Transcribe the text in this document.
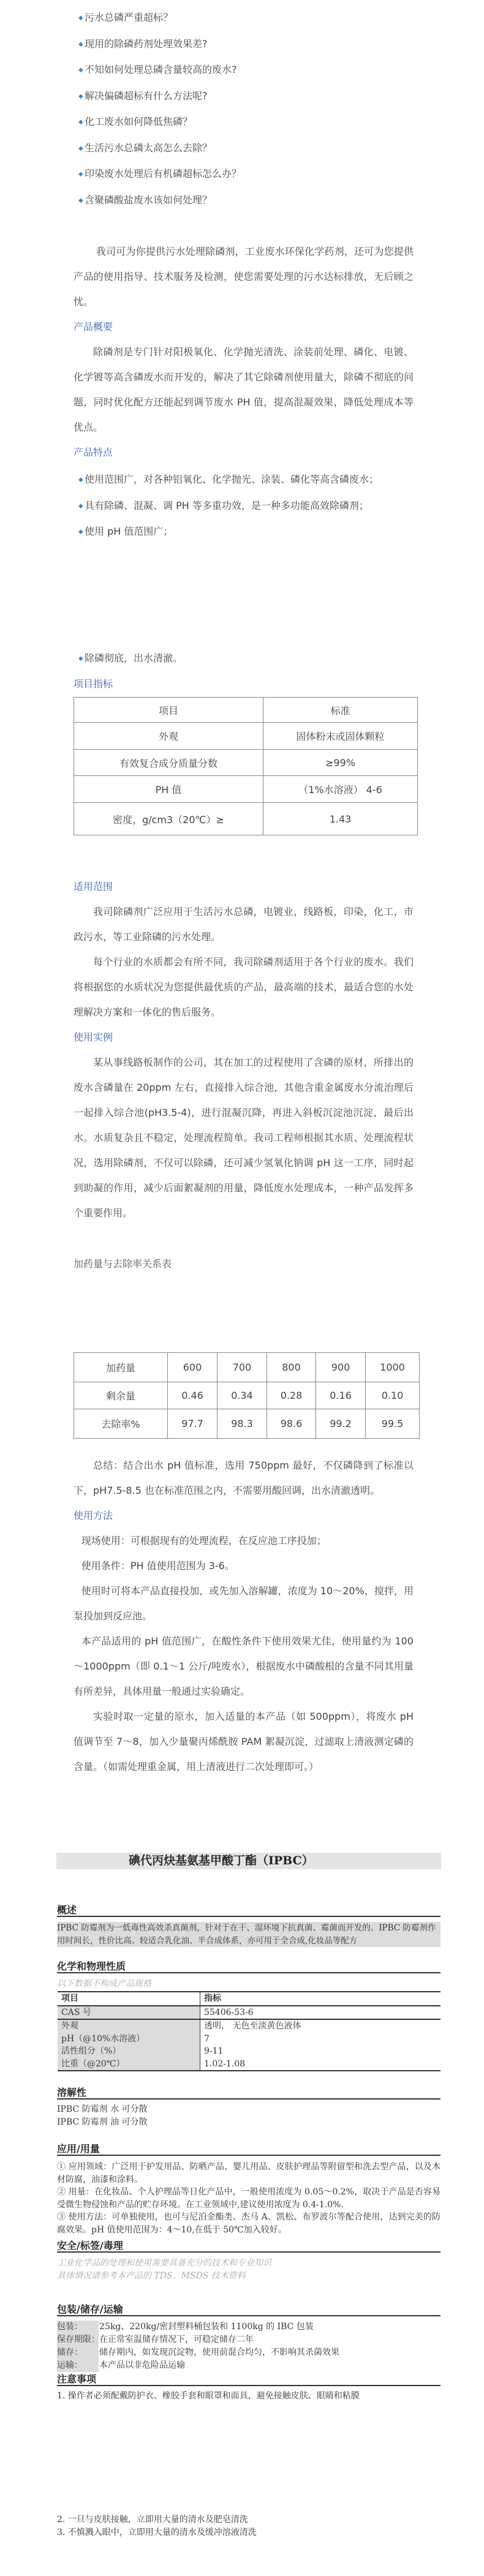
◆ 污水总磷严重超标？
◆ 现用的除磷药剂处理效果差?
◆ 不知如何处理总磷含量较高的废水?
◆ 解决偏磷超标有什么方法呢?
◆ 化工废水如何降低焦磷？
◆ 生活污水总磷太高怎么去除？
◆ 印染废水处理后有机磷超标怎么办？
◆ 含聚磷酸盐废水该如何处理？

我司可为你提供污水处理除磷剂，工业废水环保化学药剂，还可为您提供产品的使用指导、技术服务及检测，使您需要处理的污水达标排放，无后顾之忧。

产品概要

除磷剂是专门针对阳极氧化、化学抛光清洗、涂装前处理、磷化、电镀、化学镀等高含磷废水而开发的，解决了其它除磷剂使用量大，除磷不彻底的问题，同时优化配方还能起到调节废水 PH 值，提高混凝效果，降低处理成本等优点。

产品特点
◆ 使用范围广，对各种铝氧化、化学抛光、涂装、磷化等高含磷废水；
◆ 具有除磷、混凝、调 PH 等多重功效，是一种多功能高效除磷剂；
◆ 使用 pH 值范围广；
◆ 除磷彻底，出水清澈。
项目指标
项目	标准
外观	固体粉末或固体颗粒
有效复合成分质量分数	≥99%
PH 值	（1%水溶液） 4-6
密度，g/cm3（20℃）≥	1.43
适用范围

我司除磷剂广泛应用于生活污水总磷，电镀业，线路板，印染，化工，市政污水，等工业除磷的污水处理。

每个行业的水质都会有所不同，我司除磷剂适用于各个行业的废水。我们将根据您的水质状况为您提供最优质的产品，最高端的技术，最适合您的水处理解决方案和一体化的售后服务。

使用实例

某从事线路板制作的公司，其在加工的过程使用了含磷的原材，所排出的废水含磷量在 20ppm 左右，直接排入综合池，其他含重金属废水分流治理后一起排入综合池(pH3.5-4)，进行混凝沉降，再进入斜板沉淀池沉淀，最后出水。水质复杂且不稳定，处理流程简单。我司工程师根据其水质、处理流程状况，选用除磷剂，不仅可以除磷，还可减少氢氧化钠调 pH 这一工序，同时起到助凝的作用，减少后面絮凝剂的用量，降低废水处理成本，一种产品发挥多个重要作用。

加药量与去除率关系表
加药量	600	700	800	900	1000
剩余量	0.46	0.34	0.28	0.16	0.10
去除率%	97.7	98.3	98.6	99.2	99.5

总结：结合出水 pH 值标准，选用 750ppm 最好，不仅磷降到了标准以下，pH7.5-8.5 也在标准范围之内，不需要用酸回调，出水清澈透明。

使用方法
现场使用：可根据现有的处理流程，在反应池工序投加；
使用条件：PH 值使用范围为 3-6。

使用时可将本产品直接投加，或先加入溶解罐，浓度为 10～20%，搅拌，用泵投加到反应池。

本产品适用的 pH 值范围广，在酸性条件下使用效果尤佳，使用量约为 100～1000ppm（即 0.1～1 公斤/吨废水），根据废水中磷酸根的含量不同其用量有所差异，具体用量一般通过实验确定。

实验时取一定量的原水，加入适量的本产品（如 500ppm），将废水 pH 值调节至 7～8，加入少量聚丙烯酰胺 PAM 絮凝沉淀，过滤取上清液测定磷的含量。（如需处理重金属，用上清液进行二次处理即可。）

碘代丙炔基氨基甲酸丁酯（IPBC）
概述
IPBC 防霉剂为一低毒性高效杀真菌剂，针对于在干、湿环境下抗真菌、霉菌而开发的。IPBC 防霉剂作用时间长，性价比高。较适合乳化油、半合成体系，亦可用于全合成,化妆品等配方
化学和物理性质
以下数据不构成产品规格
项目	指标
CAS 号	55406-53-6
外观	透明， 无色至淡黄色液体
pH（@10%水溶液）	7
活性组分（%）	9-11
比重（@20℃）	1.02-1.08
溶解性
IPBC 防霉剂 水 可分散
IPBC 防霉剂 油 可分散
应用/用量
① 应用领域：广泛用于护发用品、防晒产品、婴儿用品、皮肤护理品等附留型和洗去型产品，以及木材防腐，油漆和涂料。
② 用量：在化妆品、个人护理品等日化产品中，一般使用浓度为 0.05～0.2%，取决于产品是否容易受微生物侵蚀和产品的贮存环境。在工业领域中,建议使用浓度为 0.4-1.0%.
③ 使用方法：可单独使用，也可与尼泊金酯类、杰马 A、凯松、布罗波尔等配合使用，达到完美的防腐效果。pH 值使用范围为：4～10,在低于 50℃加入较好。
安全/标签/毒理
工业化学品的处理和使用需要具备充分的技术和专业知识
具体情况请参考本产品的 TDS、MSDS 技术资料
包装/储存/运输
包装： 25kg、220kg/密封塑料桶包装和 1100kg 的 IBC 包装
保存期限：在正常室温储存情况下，可稳定储存二年
储存： 储存期内，如发现沉淀物，使用前混合均匀，不影响其杀菌效果
运输： 本产品以非危险品运输
注意事项
1. 操作者必须配戴防护衣、橡胶手套和眼罩和面具，避免接触皮肤、眼睛和粘膜
2. 一旦与皮肤接触，立即用大量的清水及肥皂清洗
3. 不慎溅入眼中，立即用大量的清水及缓冲溶液清洗
